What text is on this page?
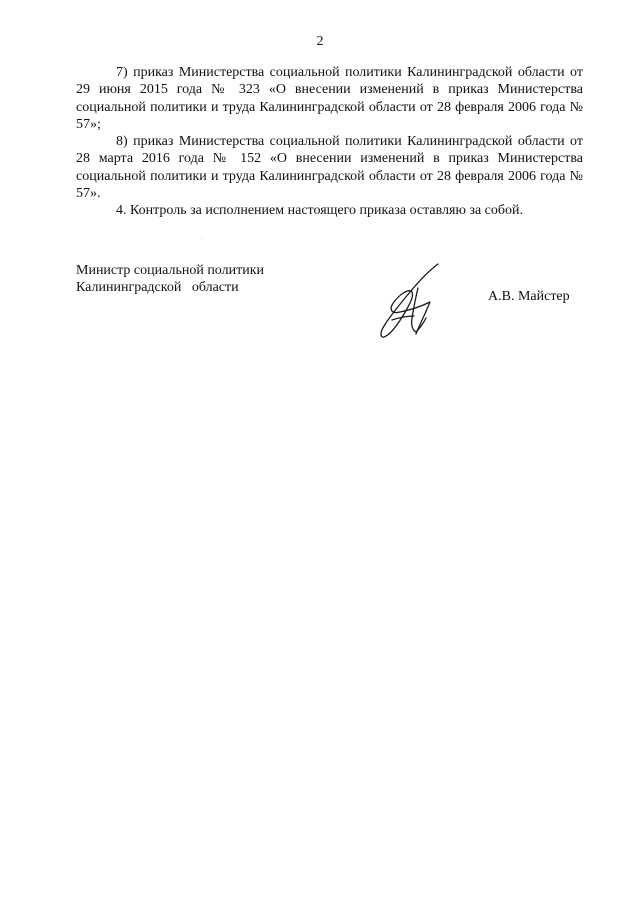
2

7) приказ Министерства социальной политики Калининградской области от 29 июня 2015 года № 323 «О внесении изменений в приказ Министерства социальной политики и труда Калининградской области от 28 февраля 2006 года № 57»;

8) приказ Министерства социальной политики Калининградской области от 28 марта 2016 года № 152 «О внесении изменений в приказ Министерства социальной политики и труда Калининградской области от 28 февраля 2006 года № 57».

4. Контроль за исполнением настоящего приказа оставляю за собой.

Министр социальной политики
Калининградской   области
А.В. Майстер
